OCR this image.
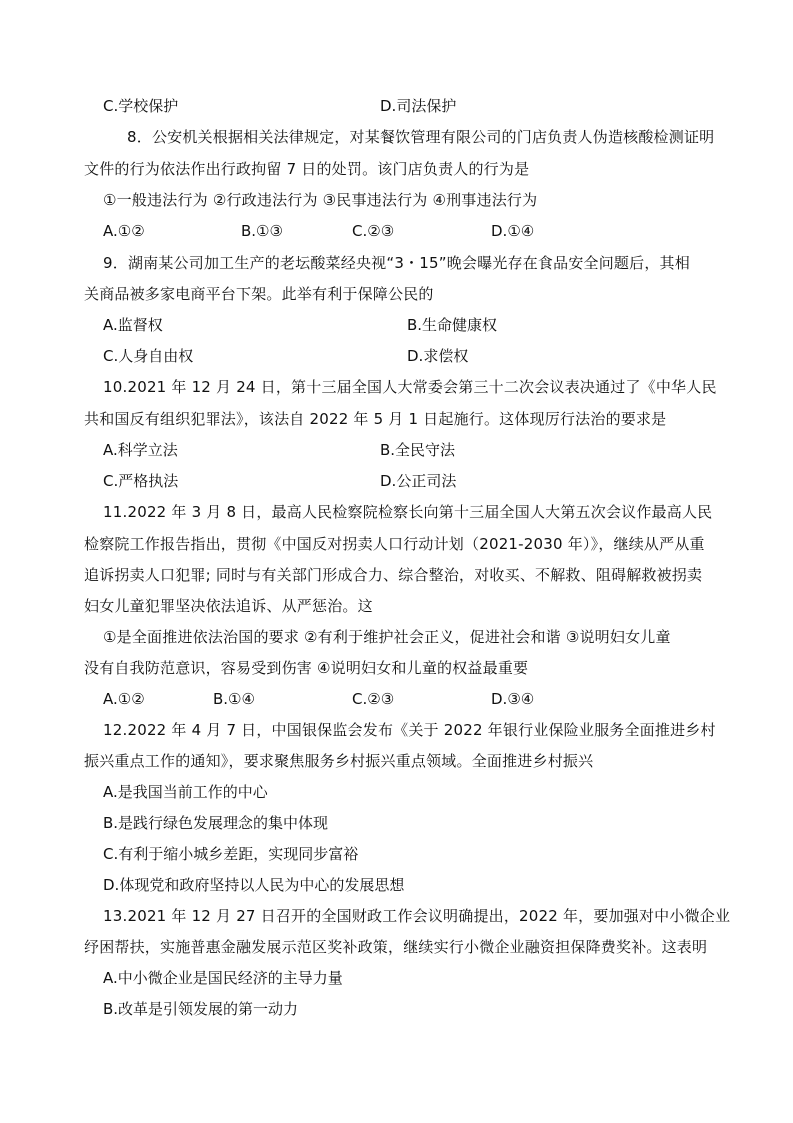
C.学校保护	D.司法保护
8．公安机关根据相关法律规定，对某餐饮管理有限公司的门店负责人伪造核酸检测证明
文件的行为依法作出行政拘留 7 日的处罚。该门店负责人的行为是
①一般违法行为 ②行政违法行为 ③民事违法行为 ④刑事违法行为
A.①②	B.①③	C.②③	D.①④
9．湖南某公司加工生产的老坛酸菜经央视“3・15”晚会曝光存在食品安全问题后，其相
关商品被多家电商平台下架。此举有利于保障公民的
A.监督权	B.生命健康权
C.人身自由权	D.求偿权
10.2021 年 12 月 24 日，第十三届全国人大常委会第三十二次会议表决通过了《中华人民
共和国反有组织犯罪法》，该法自 2022 年 5 月 1 日起施行。这体现厉行法治的要求是
A.科学立法	B.全民守法
C.严格执法	D.公正司法
11.2022 年 3 月 8 日，最高人民检察院检察长向第十三届全国人大第五次会议作最高人民
检察院工作报告指出，贯彻《中国反对拐卖人口行动计划（2021-2030 年）》，继续从严从重
追诉拐卖人口犯罪; 同时与有关部门形成合力、综合整治，对收买、不解救、阻碍解救被拐卖
妇女儿童犯罪坚决依法追诉、从严惩治。这
①是全面推进依法治国的要求 ②有利于维护社会正义，促进社会和谐 ③说明妇女儿童
没有自我防范意识，容易受到伤害 ④说明妇女和儿童的权益最重要
A.①②	B.①④	C.②③	D.③④
12.2022 年 4 月 7 日，中国银保监会发布《关于 2022 年银行业保险业服务全面推进乡村
振兴重点工作的通知》，要求聚焦服务乡村振兴重点领域。全面推进乡村振兴
A.是我国当前工作的中心
B.是践行绿色发展理念的集中体现
C.有利于缩小城乡差距，实现同步富裕
D.体现党和政府坚持以人民为中心的发展思想
13.2021 年 12 月 27 日召开的全国财政工作会议明确提出，2022 年，要加强对中小微企业
纾困帮扶，实施普惠金融发展示范区奖补政策，继续实行小微企业融资担保降费奖补。这表明
A.中小微企业是国民经济的主导力量
B.改革是引领发展的第一动力
